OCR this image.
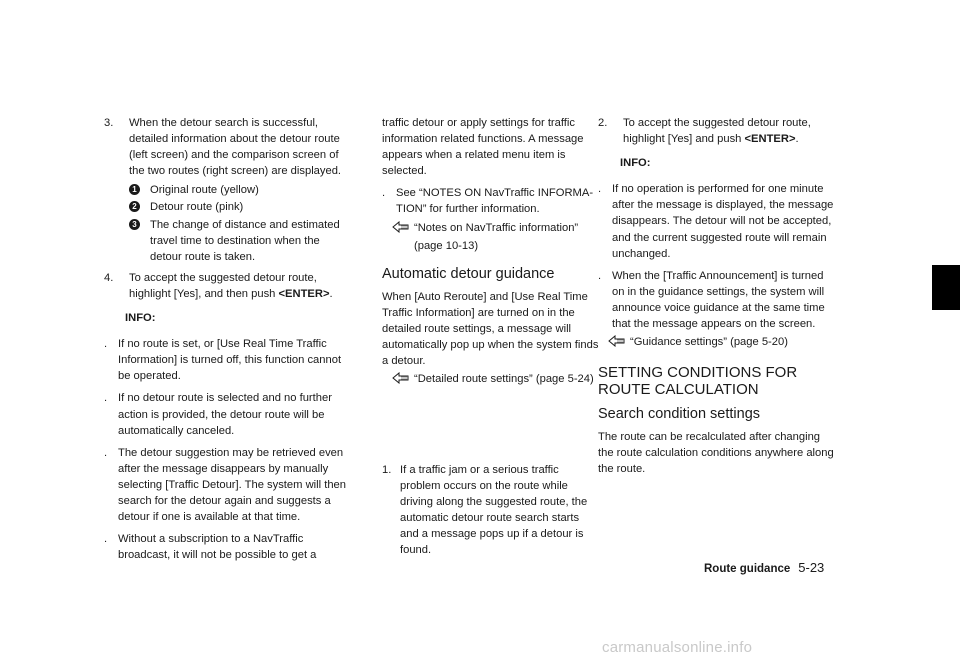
3. When the detour search is successful, detailed information about the detour route (left screen) and the comparison screen of the two routes (right screen) are displayed.

1 Original route (yellow)

2 Detour route (pink)

3 The change of distance and estimated travel time to destination when the detour route is taken.

4. To accept the suggested detour route, highlight [Yes], and then push <ENTER>.

INFO:
. If no route is set, or [Use Real Time Traffic Information] is turned off, this function cannot be operated.

. If no detour route is selected and no further action is provided, the detour route will be automatically canceled.

. The detour suggestion may be retrieved even after the message disappears by manually selecting [Traffic Detour]. The system will then search for the detour again and suggests a detour if one is available at that time.

. Without a subscription to a NavTraffic broadcast, it will not be possible to get a

traffic detour or apply settings for traffic information related functions. A message appears when a related menu item is selected.

. See “NOTES ON NavTraffic INFORMA-TION” for further information.

“Notes on NavTraffic information”

(page 10-13)

Automatic detour guidance

When [Auto Reroute] and [Use Real Time Traffic Information] are turned on in the detailed route settings, a message will automatically pop up when the system finds a detour.

“Detailed route settings” (page 5-24)

1. If a traffic jam or a serious traffic problem occurs on the route while driving along the suggested route, the automatic detour route search starts and a message pops up if a detour is found.

2. To accept the suggested detour route, highlight [Yes] and push <ENTER>.

INFO:
. If no operation is performed for one minute after the message is displayed, the message disappears. The detour will not be accepted, and the current suggested route will remain unchanged.

. When the [Traffic Announcement] is turned on in the guidance settings, the system will announce voice guidance at the same time that the message appears on the screen.

“Guidance settings” (page 5-20)

SETTING CONDITIONS FOR ROUTE CALCULATION
Search condition settings

The route can be recalculated after changing the route calculation conditions anywhere along the route.

Route guidance 5-23
carmanualsonline.info
